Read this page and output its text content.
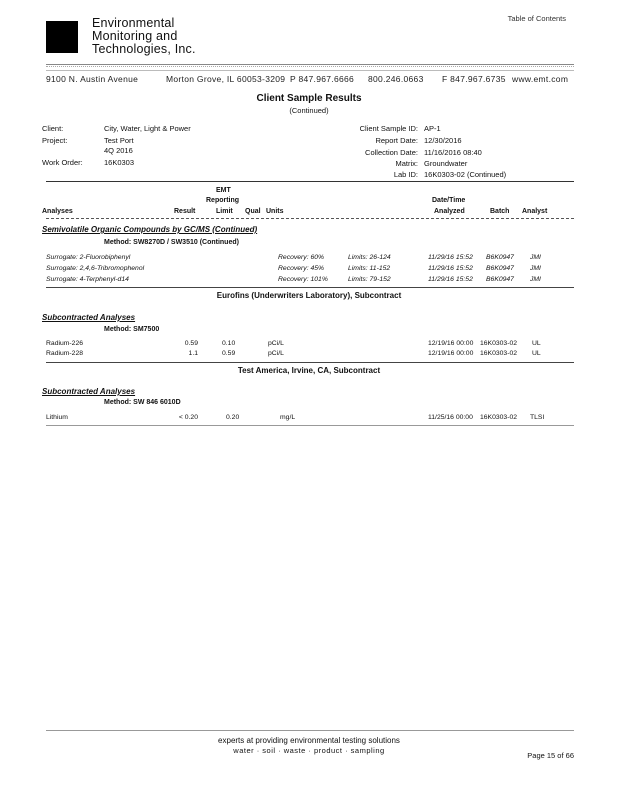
Environmental
Monitoring and
Technologies, Inc.
Table of Contents
9100 N. Austin Avenue	Morton Grove, IL 60053-3209 P 847.967.6666 800.246.0663 F 847.967.6735 www.emt.com
Client Sample Results
(Continued)
Client:	City, Water, Light & Power
Project:	Test Port
4Q 2016
Work Order:	16K0303
Client Sample ID: AP-1
Report Date: 12/30/2016
Collection Date: 11/16/2016 08:40
Matrix: Groundwater
Lab ID: 16K0303-02 (Continued)
EMT
Reporting	Date/Time
Analyses	Result	Limit Qual Units	Analyzed	Batch Analyst
Semivolatile Organic Compounds by GC/MS (Continued)
Method: SW8270D / SW3510 (Continued)
Surrogate: 2-Fluorobiphenyl	Recovery: 60%	Limits: 26-124	11/29/16 15:52 B6K0947 JMI
Surrogate: 2,4,6-Tribromophenol	Recovery: 45%	Limits: 11-152	11/29/16 15:52 B6K0947 JMI
Surrogate: 4-Terphenyl-d14	Recovery: 101%	Limits: 79-152	11/29/16 15:52 B6K0947 JMI
Eurofins (Underwriters Laboratory), Subcontract
Subcontracted Analyses
Method: SM7500
Radium-226	0.59	0.10	pCi/L	12/19/16 00:00 16K0303-02 UL
Radium-228	1.1	0.59	pCi/L	12/19/16 00:00 16K0303-02 UL
Test America, Irvine, CA, Subcontract
Subcontracted Analyses
Method: SW 846 6010D
Lithium	< 0.20	0.20	mg/L	11/25/16 00:00 16K0303-02 TLSI
experts at providing environmental testing solutions
water · soil · waste · product · sampling
Page 15 of 66
